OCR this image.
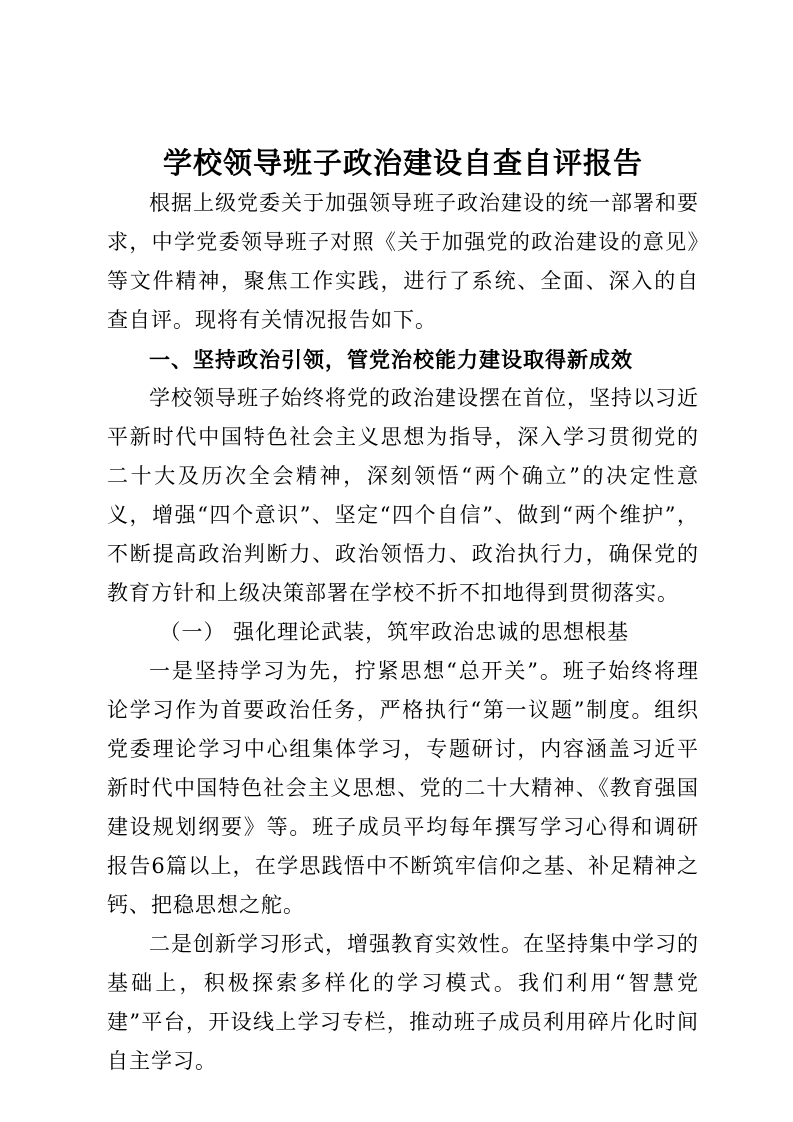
学校领导班子政治建设自查自评报告

根据上级党委关于加强领导班子政治建设的统一部署和要求，中学党委领导班子对照《关于加强党的政治建设的意见》等文件精神，聚焦工作实践，进行了系统、全面、深入的自查自评。现将有关情况报告如下。

一、坚持政治引领，管党治校能力建设取得新成效

学校领导班子始终将党的政治建设摆在首位，坚持以习近平新时代中国特色社会主义思想为指导，深入学习贯彻党的二十大及历次全会精神，深刻领悟“两个确立”的决定性意义，增强“四个意识”、坚定“四个自信”、做到“两个维护”，不断提高政治判断力、政治领悟力、政治执行力，确保党的教育方针和上级决策部署在学校不折不扣地得到贯彻落实。

（一） 强化理论武装，筑牢政治忠诚的思想根基

一是坚持学习为先，拧紧思想“总开关”。班子始终将理论学习作为首要政治任务，严格执行“第一议题”制度。组织党委理论学习中心组集体学习，专题研讨，内容涵盖习近平新时代中国特色社会主义思想、党的二十大精神、《教育强国建设规划纲要》等。班子成员平均每年撰写学习心得和调研报告6篇以上，在学思践悟中不断筑牢信仰之基、补足精神之钙、把稳思想之舵。

二是创新学习形式，增强教育实效性。在坚持集中学习的基础上，积极探索多样化的学习模式。我们利用“智慧党建”平台，开设线上学习专栏，推动班子成员利用碎片化时间自主学习。
